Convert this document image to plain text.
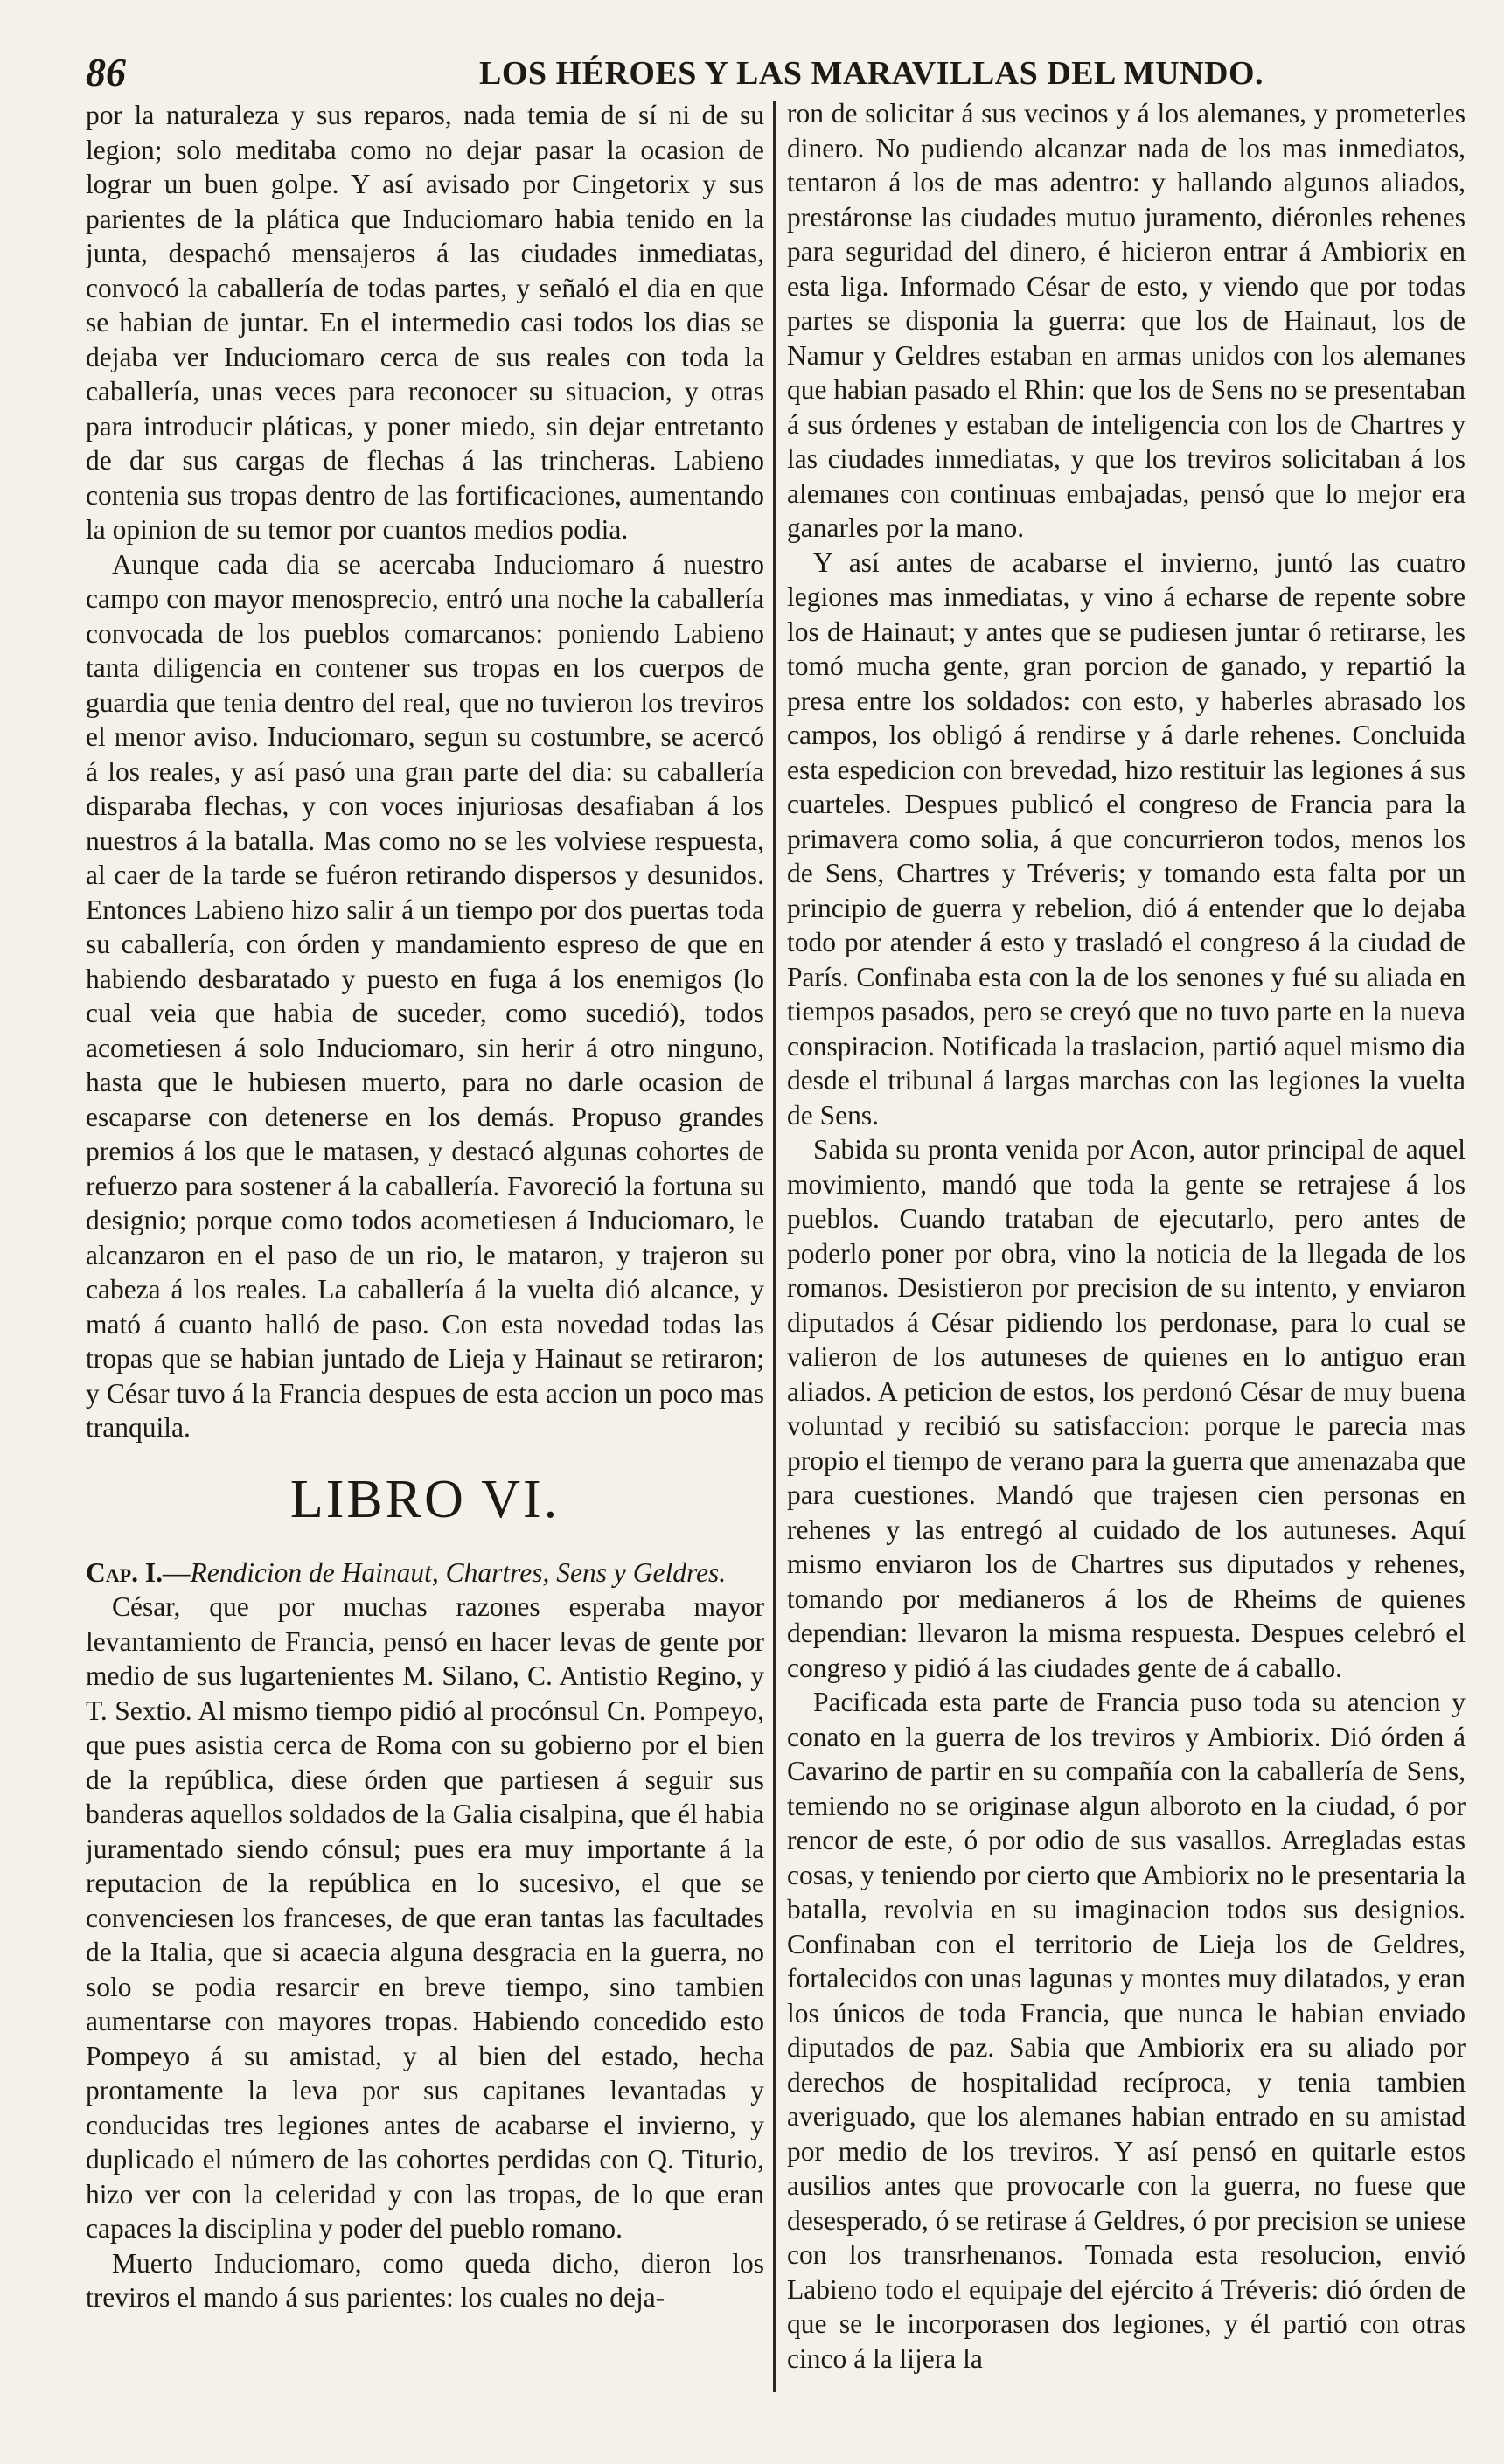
86	LOS HÉROES Y LAS MARAVILLAS DEL MUNDO.

por la naturaleza y sus reparos, nada temia de sí ni de su legion; solo meditaba como no dejar pasar la ocasion de lograr un buen golpe. Y así avisado por Cingetorix y sus parientes de la plática que Induciomaro habia tenido en la junta, despachó mensajeros á las ciudades inmediatas, convocó la caballería de todas partes, y señaló el dia en que se habian de juntar. En el intermedio casi todos los dias se dejaba ver Induciomaro cerca de sus reales con toda la caballería, unas veces para reconocer su situacion, y otras para introducir pláticas, y poner miedo, sin dejar entretanto de dar sus cargas de flechas á las trincheras. Labieno contenia sus tropas dentro de las fortificaciones, aumentando la opinion de su temor por cuantos medios podia.

Aunque cada dia se acercaba Induciomaro á nuestro campo con mayor menosprecio, entró una noche la caballería convocada de los pueblos comarcanos: poniendo Labieno tanta diligencia en contener sus tropas en los cuerpos de guardia que tenia dentro del real, que no tuvieron los treviros el menor aviso. Induciomaro, segun su costumbre, se acercó á los reales, y así pasó una gran parte del dia: su caballería disparaba flechas, y con voces injuriosas desafiaban á los nuestros á la batalla. Mas como no se les volviese respuesta, al caer de la tarde se fuéron retirando dispersos y desunidos. Entonces Labieno hizo salir á un tiempo por dos puertas toda su caballería, con órden y mandamiento espreso de que en habiendo desbaratado y puesto en fuga á los enemigos (lo cual veia que habia de suceder, como sucedió), todos acometiesen á solo Induciomaro, sin herir á otro ninguno, hasta que le hubiesen muerto, para no darle ocasion de escaparse con detenerse en los demás. Propuso grandes premios á los que le matasen, y destacó algunas cohortes de refuerzo para sostener á la caballería. Favoreció la fortuna su designio; porque como todos acometiesen á Induciomaro, le alcanzaron en el paso de un rio, le mataron, y trajeron su cabeza á los reales. La caballería á la vuelta dió alcance, y mató á cuanto halló de paso. Con esta novedad todas las tropas que se habian juntado de Lieja y Hainaut se retiraron; y César tuvo á la Francia despues de esta accion un poco mas tranquila.

LIBRO VI.

Cap. I.—Rendicion de Hainaut, Chartres, Sens y Geldres.

César, que por muchas razones esperaba mayor levantamiento de Francia, pensó en hacer levas de gente por medio de sus lugartenientes M. Silano, C. Antistio Regino, y T. Sextio. Al mismo tiempo pidió al procónsul Cn. Pompeyo, que pues asistia cerca de Roma con su gobierno por el bien de la república, diese órden que partiesen á seguir sus banderas aquellos soldados de la Galia cisalpina, que él habia juramentado siendo cónsul; pues era muy importante á la reputacion de la república en lo sucesivo, el que se convenciesen los franceses, de que eran tantas las facultades de la Italia, que si acaecia alguna desgracia en la guerra, no solo se podia resarcir en breve tiempo, sino tambien aumentarse con mayores tropas. Habiendo concedido esto Pompeyo á su amistad, y al bien del estado, hecha prontamente la leva por sus capitanes levantadas y conducidas tres legiones antes de acabarse el invierno, y duplicado el número de las cohortes perdidas con Q. Titurio, hizo ver con la celeridad y con las tropas, de lo que eran capaces la disciplina y poder del pueblo romano.

Muerto Induciomaro, como queda dicho, dieron los treviros el mando á sus parientes: los cuales no deja-

ron de solicitar á sus vecinos y á los alemanes, y prometerles dinero. No pudiendo alcanzar nada de los mas inmediatos, tentaron á los de mas adentro: y hallando algunos aliados, prestáronse las ciudades mutuo juramento, diéronles rehenes para seguridad del dinero, é hicieron entrar á Ambiorix en esta liga. Informado César de esto, y viendo que por todas partes se disponia la guerra: que los de Hainaut, los de Namur y Geldres estaban en armas unidos con los alemanes que habian pasado el Rhin: que los de Sens no se presentaban á sus órdenes y estaban de inteligencia con los de Chartres y las ciudades inmediatas, y que los treviros solicitaban á los alemanes con continuas embajadas, pensó que lo mejor era ganarles por la mano.

Y así antes de acabarse el invierno, juntó las cuatro legiones mas inmediatas, y vino á echarse de repente sobre los de Hainaut; y antes que se pudiesen juntar ó retirarse, les tomó mucha gente, gran porcion de ganado, y repartió la presa entre los soldados: con esto, y haberles abrasado los campos, los obligó á rendirse y á darle rehenes. Concluida esta espedicion con brevedad, hizo restituir las legiones á sus cuarteles. Despues publicó el congreso de Francia para la primavera como solia, á que concurrieron todos, menos los de Sens, Chartres y Tréveris; y tomando esta falta por un principio de guerra y rebelion, dió á entender que lo dejaba todo por atender á esto y trasladó el congreso á la ciudad de París. Confinaba esta con la de los senones y fué su aliada en tiempos pasados, pero se creyó que no tuvo parte en la nueva conspiracion. Notificada la traslacion, partió aquel mismo dia desde el tribunal á largas marchas con las legiones la vuelta de Sens.

Sabida su pronta venida por Acon, autor principal de aquel movimiento, mandó que toda la gente se retrajese á los pueblos. Cuando trataban de ejecutarlo, pero antes de poderlo poner por obra, vino la noticia de la llegada de los romanos. Desistieron por precision de su intento, y enviaron diputados á César pidiendo los perdonase, para lo cual se valieron de los autuneses de quienes en lo antiguo eran aliados. A peticion de estos, los perdonó César de muy buena voluntad y recibió su satisfaccion: porque le parecia mas propio el tiempo de verano para la guerra que amenazaba que para cuestiones. Mandó que trajesen cien personas en rehenes y las entregó al cuidado de los autuneses. Aquí mismo enviaron los de Chartres sus diputados y rehenes, tomando por medianeros á los de Rheims de quienes dependian: llevaron la misma respuesta. Despues celebró el congreso y pidió á las ciudades gente de á caballo.

Pacificada esta parte de Francia puso toda su atencion y conato en la guerra de los treviros y Ambiorix. Dió órden á Cavarino de partir en su compañía con la caballería de Sens, temiendo no se originase algun alboroto en la ciudad, ó por rencor de este, ó por odio de sus vasallos. Arregladas estas cosas, y teniendo por cierto que Ambiorix no le presentaria la batalla, revolvia en su imaginacion todos sus designios. Confinaban con el territorio de Lieja los de Geldres, fortalecidos con unas lagunas y montes muy dilatados, y eran los únicos de toda Francia, que nunca le habian enviado diputados de paz. Sabia que Ambiorix era su aliado por derechos de hospitalidad recíproca, y tenia tambien averiguado, que los alemanes habian entrado en su amistad por medio de los treviros. Y así pensó en quitarle estos ausilios antes que provocarle con la guerra, no fuese que desesperado, ó se retirase á Geldres, ó por precision se uniese con los transrhenanos. Tomada esta resolucion, envió Labieno todo el equipaje del ejército á Tréveris: dió órden de que se le incorporasen dos legiones, y él partió con otras cinco á la lijera la
